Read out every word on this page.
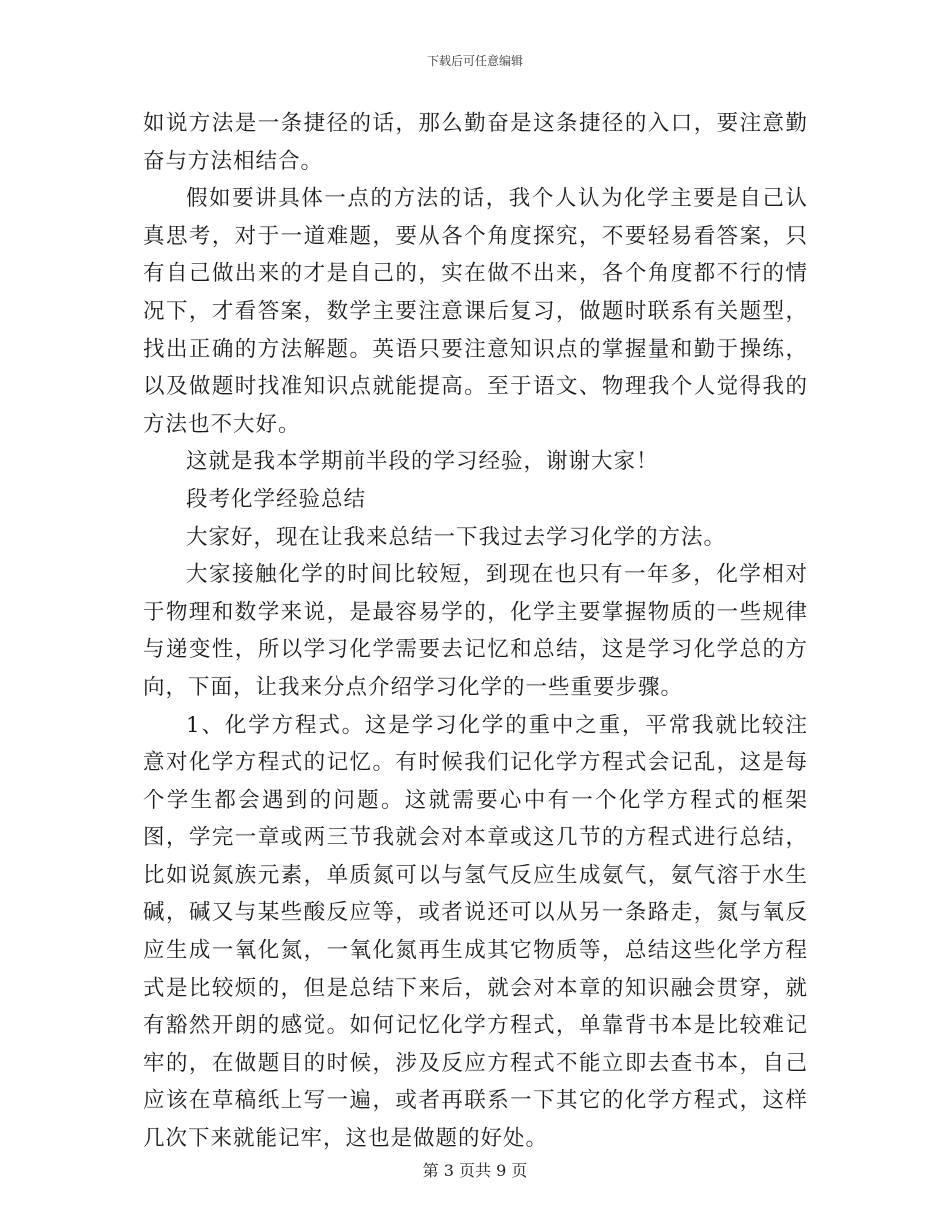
下载后可任意编辑

如说方法是一条捷径的话，那么勤奋是这条捷径的入口，要注意勤奋与方法相结合。

假如要讲具体一点的方法的话，我个人认为化学主要是自己认真思考，对于一道难题，要从各个角度探究，不要轻易看答案，只有自己做出来的才是自己的，实在做不出来，各个角度都不行的情况下，才看答案，数学主要注意课后复习，做题时联系有关题型，找出正确的方法解题。英语只要注意知识点的掌握量和勤于操练，以及做题时找准知识点就能提高。至于语文、物理我个人觉得我的方法也不大好。

这就是我本学期前半段的学习经验，谢谢大家！

段考化学经验总结

大家好，现在让我来总结一下我过去学习化学的方法。

大家接触化学的时间比较短，到现在也只有一年多，化学相对于物理和数学来说，是最容易学的，化学主要掌握物质的一些规律与递变性，所以学习化学需要去记忆和总结，这是学习化学总的方向，下面，让我来分点介绍学习化学的一些重要步骤。

1、化学方程式。这是学习化学的重中之重，平常我就比较注意对化学方程式的记忆。有时候我们记化学方程式会记乱，这是每个学生都会遇到的问题。这就需要心中有一个化学方程式的框架图，学完一章或两三节我就会对本章或这几节的方程式进行总结，比如说氮族元素，单质氮可以与氢气反应生成氨气，氨气溶于水生碱，碱又与某些酸反应等，或者说还可以从另一条路走，氮与氧反应生成一氧化氮，一氧化氮再生成其它物质等，总结这些化学方程式是比较烦的，但是总结下来后，就会对本章的知识融会贯穿，就有豁然开朗的感觉。如何记忆化学方程式，单靠背书本是比较难记牢的，在做题目的时候，涉及反应方程式不能立即去查书本，自己应该在草稿纸上写一遍，或者再联系一下其它的化学方程式，这样几次下来就能记牢，这也是做题的好处。

第 3 页共 9 页
